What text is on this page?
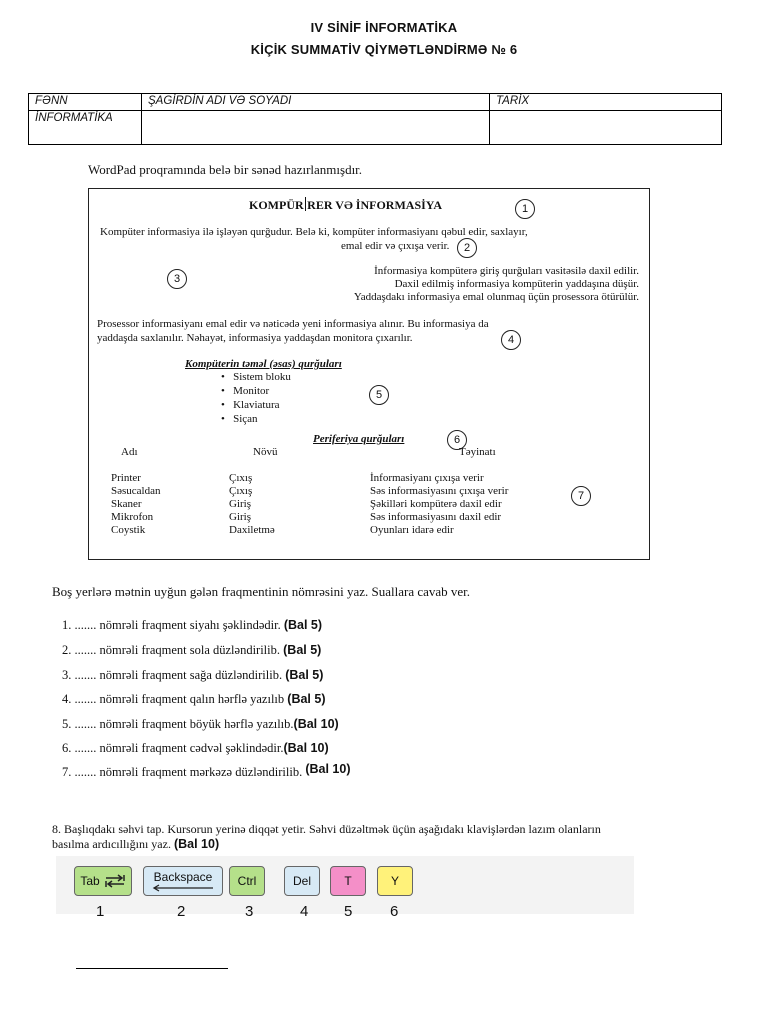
IV SİNİF İNFORMATİKA
KİÇİK SUMMATİV QİYMƏTLƏNDİRMƏ № 6
FƏNN	ŞAGİRDİN ADI VƏ SOYADI	TARİX
İNFORMATİKA		
WordPad proqramında belə bir sənəd hazırlanmışdır.
KOMPÜR RER VƏ İNFORMASİYA	1
Kompüter informasiya ilə işləyən qurğudur. Belə ki, kompüter informasiyanı qəbul edir, saxlayır,
emal edir və çıxışa verir.	2
3
İnformasiya kompüterə giriş qurğuları vasitəsilə daxil edilir.
Daxil edilmiş informasiya kompüterin yaddaşına düşür.
Yaddaşdakı informasiya emal olunmaq üçün prosessora ötürülür.
Prosessor informasiyanı emal edir və nəticədə yeni informasiya alınır. Bu informasiya da
yaddaşda saxlanılır. Nəhayət, informasiya yaddaşdan monitora çıxarılır.	4
Kompüterin təməl (əsas) qurğuları
•   Sistem bloku
•   Monitor
•   Klaviatura
•   Siçan
5
Periferiya qurğuları	6
Adı	Növü	Təyinatı
Printer	Çıxış	İnformasiyanı çıxışa verir
Səsucaldan	Çıxış	Səs informasiyasını çıxışa verir
Skaner	Giriş	Şəkilləri kompüterə daxil edir
Mikrofon	Giriş	Səs informasiyasını daxil edir
Coystik	Daxiletmə	Oyunları idarə edir
7
Boş yerlərə mətnin uyğun gələn fraqmentinin nömrəsini yaz. Suallara cavab ver.
1. ....... nömrəli fraqment siyahı şəklindədir. (Bal 5)
2. ....... nömrəli fraqment sola düzləndirilib. (Bal 5)
3. ....... nömrəli fraqment sağa düzləndirilib. (Bal 5)
4. ....... nömrəli fraqment qalın hərflə yazılıb (Bal 5)
5. ....... nömrəli fraqment böyük hərflə yazılıb.(Bal 10)
6. ....... nömrəli fraqment cədvəl şəklindədir.(Bal 10)
7. ....... nömrəli fraqment mərkəzə düzləndirilib. (Bal 10)
8. Başlıqdakı səhvi tap. Kursorun yerinə diqqət yetir. Səhvi düzəltmək üçün aşağıdakı klavişlərdən lazım olanların basılma ardıcıllığını yaz. (Bal 10)
Tab	Backspace	Ctrl	Del	T	Y
1	2	3	4 5	6
